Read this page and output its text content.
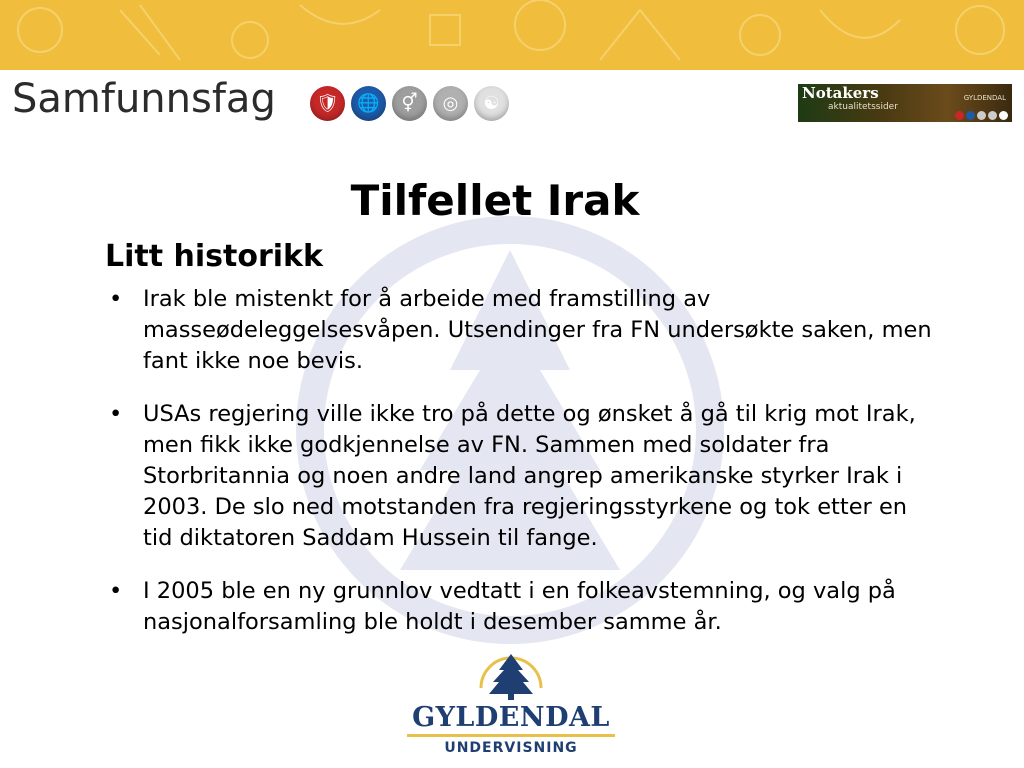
Samfunnsfag	🛡	🌐	⚥	◎	☯	Notakers
aktualitetssider
GYLDENDAL
Tilfellet Irak
Litt historikk
• Irak ble mistenkt for å arbeide med framstilling av masseødeleggelsesvåpen. Utsendinger fra FN undersøkte saken, men fant ikke noe bevis.
• USAs regjering ville ikke tro på dette og ønsket å gå til krig mot Irak, men fikk ikke godkjennelse av FN. Sammen med soldater fra Storbritannia og noen andre land angrep amerikanske styrker Irak i 2003. De slo ned motstanden fra regjeringsstyrkene og tok etter en tid diktatoren Saddam Hussein til fange.
• I 2005 ble en ny grunnlov vedtatt i en folkeavstemning, og valg på nasjonalforsamling ble holdt i desember samme år.
GYLDENDAL
UNDERVISNING
